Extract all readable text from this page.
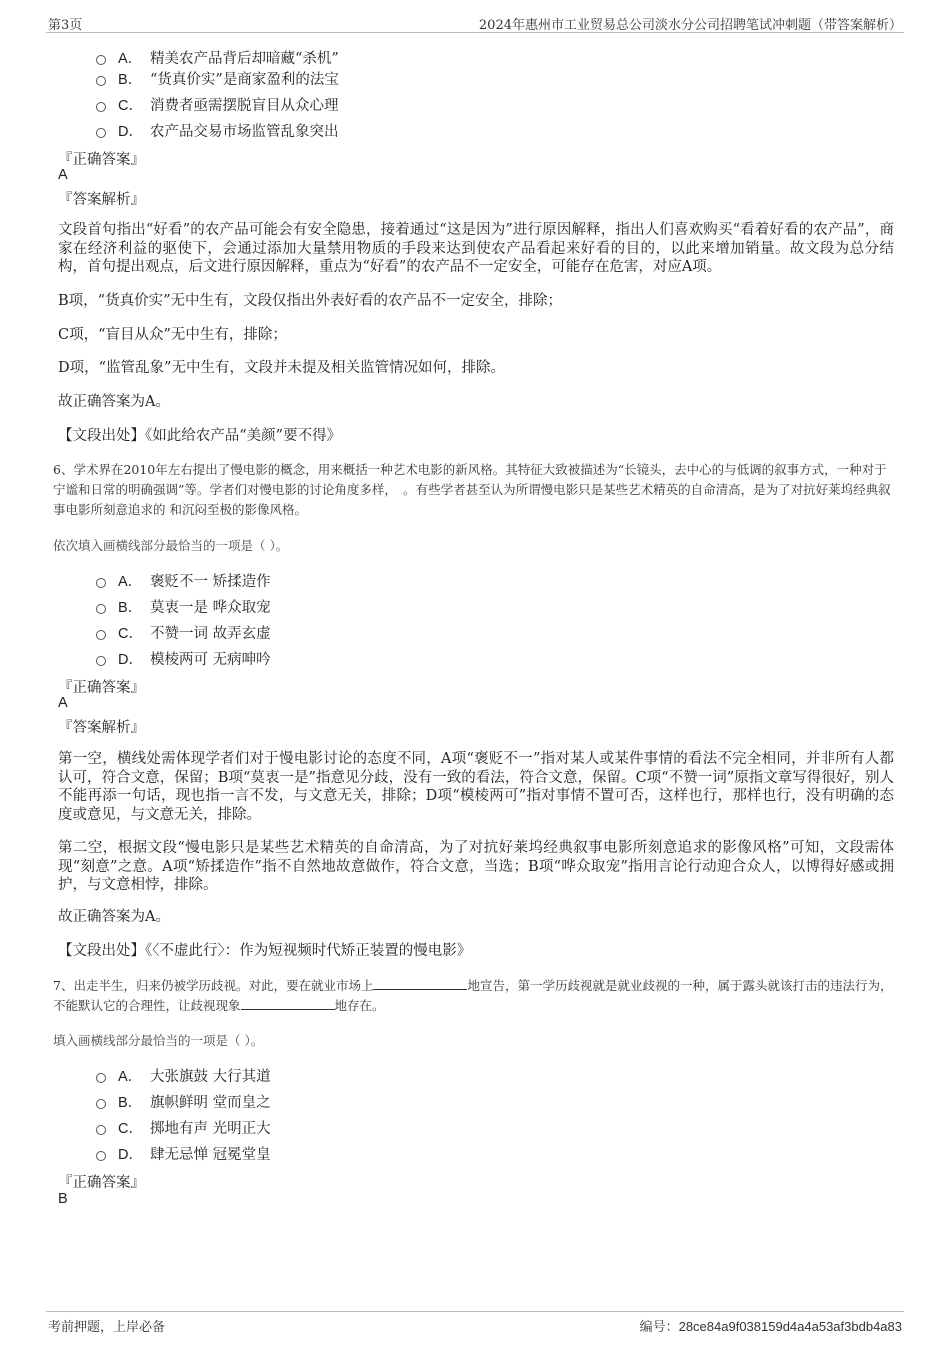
第3页	2024年惠州市工业贸易总公司淡水分公司招聘笔试冲刺题（带答案解析）
A． 精美农产品背后却暗藏“杀机”
B． “货真价实”是商家盈利的法宝
C． 消费者亟需摆脱盲目从众心理
D． 农产品交易市场监管乱象突出
『正确答案』
A
『答案解析』
文段首句指出“好看”的农产品可能会有安全隐患，接着通过“这是因为”进行原因解释，指出人们喜欢购买“看着好看的农产品”，商家在经济利益的驱使下，会通过添加大量禁用物质的手段来达到使农产品看起来好看的目的，以此来增加销量。故文段为总分结构，首句提出观点，后文进行原因解释，重点为“好看”的农产品不一定安全，可能存在危害，对应A项。
B项，“货真价实”无中生有，文段仅指出外表好看的农产品不一定安全，排除；
C项，“盲目从众”无中生有，排除；
D项，“监管乱象”无中生有，文段并未提及相关监管情况如何，排除。
故正确答案为A。
【文段出处】《如此给农产品“美颜”要不得》
6、学术界在2010年左右提出了慢电影的概念，用来概括一种艺术电影的新风格。其特征大致被描述为“长镜头，去中心的与低调的叙事方式，一种对于宁谧和日常的明确强调”等。学者们对慢电影的讨论角度多样，　。有些学者甚至认为所谓慢电影只是某些艺术精英的自命清高，是为了对抗好莱坞经典叙事电影所刻意追求的 和沉闷至极的影像风格。
依次填入画横线部分最恰当的一项是（ ）。
A． 褒贬不一 矫揉造作
B． 莫衷一是 哗众取宠
C． 不赞一词 故弄玄虚
D． 模棱两可 无病呻吟
『正确答案』
A
『答案解析』
第一空，横线处需体现学者们对于慢电影讨论的态度不同，A项“褒贬不一”指对某人或某件事情的看法不完全相同，并非所有人都认可，符合文意，保留；B项“莫衷一是”指意见分歧，没有一致的看法，符合文意，保留。C项“不赞一词”原指文章写得很好，别人不能再添一句话，现也指一言不发，与文意无关，排除；D项“模棱两可”指对事情不置可否，这样也行，那样也行，没有明确的态度或意见，与文意无关，排除。
第二空，根据文段“慢电影只是某些艺术精英的自命清高，为了对抗好莱坞经典叙事电影所刻意追求的影像风格”可知，文段需体现“刻意”之意。A项“矫揉造作”指不自然地故意做作，符合文意，当选；B项“哗众取宠”指用言论行动迎合众人，以博得好感或拥护，与文意相悖，排除。
故正确答案为A。
【文段出处】《〈不虚此行〉：作为短视频时代矫正装置的慢电影》
7、出走半生，归来仍被学历歧视。对此，要在就业市场上	地宣告，第一学历歧视就是就业歧视的一种，属于露头就该打击的违法行为，不能默认它的合理性，让歧视现象	地存在。
填入画横线部分最恰当的一项是（ ）。
A． 大张旗鼓 大行其道
B． 旗帜鲜明 堂而皇之
C． 掷地有声 光明正大
D． 肆无忌惮 冠冕堂皇
『正确答案』
B
考前押题，上岸必备	编号：28ce84a9f038159d4a4a53af3bdb4a83
